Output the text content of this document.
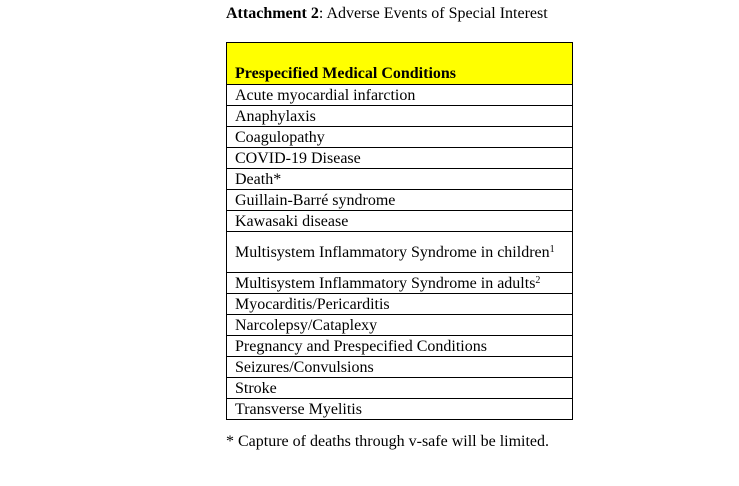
Attachment 2: Adverse Events of Special Interest
Prespecified Medical Conditions
Acute myocardial infarction
Anaphylaxis
Coagulopathy
COVID-19 Disease
Death*
Guillain-Barré syndrome
Kawasaki disease
Multisystem Inflammatory Syndrome in children$^1$
Multisystem Inflammatory Syndrome in adults$^2$
Myocarditis/Pericarditis
Narcolepsy/Cataplexy
Pregnancy and Prespecified Conditions
Seizures/Convulsions
Stroke
Transverse Myelitis
* Capture of deaths through v-safe will be limited.
